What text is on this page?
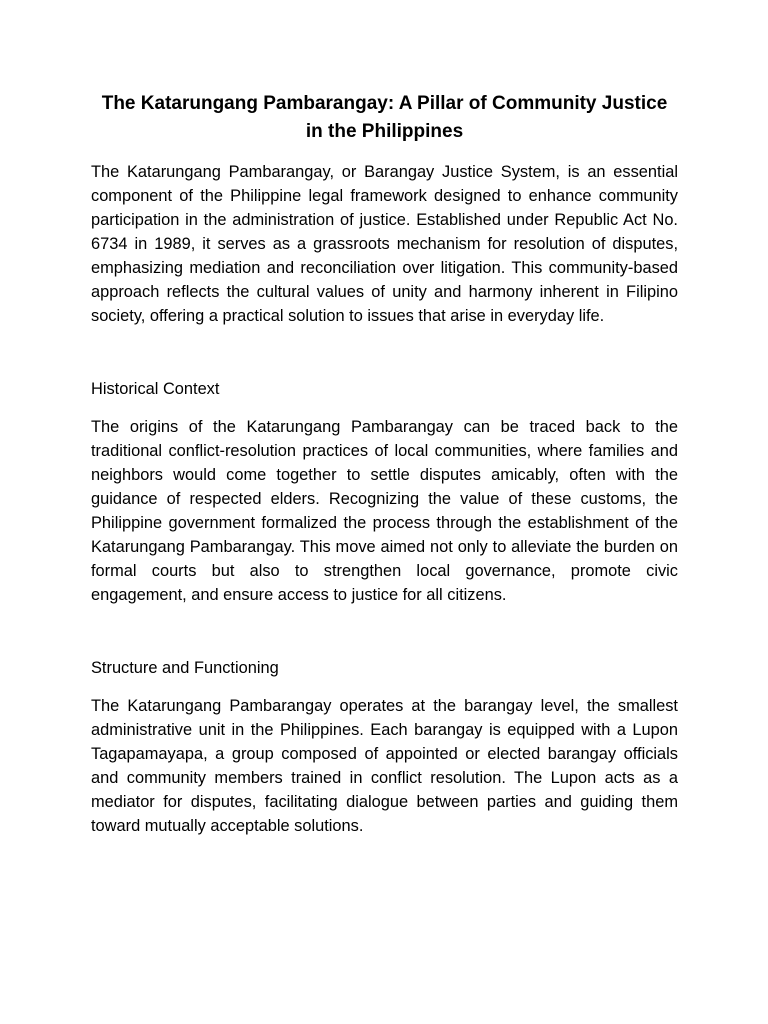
The Katarungang Pambarangay: A Pillar of Community Justice in the Philippines

The Katarungang Pambarangay, or Barangay Justice System, is an essential component of the Philippine legal framework designed to enhance community participation in the administration of justice. Established under Republic Act No. 6734 in 1989, it serves as a grassroots mechanism for resolution of disputes, emphasizing mediation and reconciliation over litigation. This community-based approach reflects the cultural values of unity and harmony inherent in Filipino society, offering a practical solution to issues that arise in everyday life.

Historical Context

The origins of the Katarungang Pambarangay can be traced back to the traditional conflict-resolution practices of local communities, where families and neighbors would come together to settle disputes amicably, often with the guidance of respected elders. Recognizing the value of these customs, the Philippine government formalized the process through the establishment of the Katarungang Pambarangay. This move aimed not only to alleviate the burden on formal courts but also to strengthen local governance, promote civic engagement, and ensure access to justice for all citizens.

Structure and Functioning

The Katarungang Pambarangay operates at the barangay level, the smallest administrative unit in the Philippines. Each barangay is equipped with a Lupon Tagapamayapa, a group composed of appointed or elected barangay officials and community members trained in conflict resolution. The Lupon acts as a mediator for disputes, facilitating dialogue between parties and guiding them toward mutually acceptable solutions.
